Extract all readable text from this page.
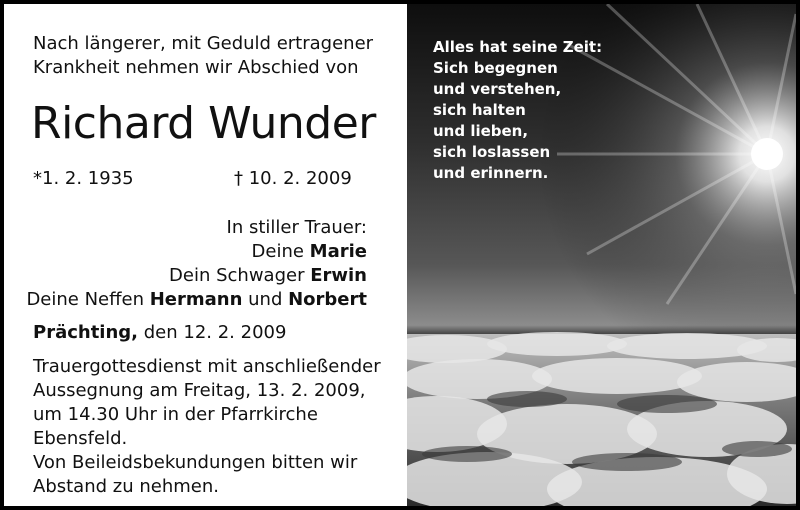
Nach längerer, mit Geduld ertragener
Krankheit nehmen wir Abschied von
Richard Wunder
*1. 2. 1935	† 10. 2. 2009
In stiller Trauer:
Deine Marie
Dein Schwager Erwin
Deine Neffen Hermann und Norbert
Prächting, den 12. 2. 2009
Trauergottesdienst mit anschließender
Aussegnung am Freitag, 13. 2. 2009,
um 14.30 Uhr in der Pfarrkirche
Ebensfeld.
Von Beileidsbekundungen bitten wir
Abstand zu nehmen.
Alles hat seine Zeit:
Sich begegnen
und verstehen,
sich halten
und lieben,
sich loslassen
und erinnern.
